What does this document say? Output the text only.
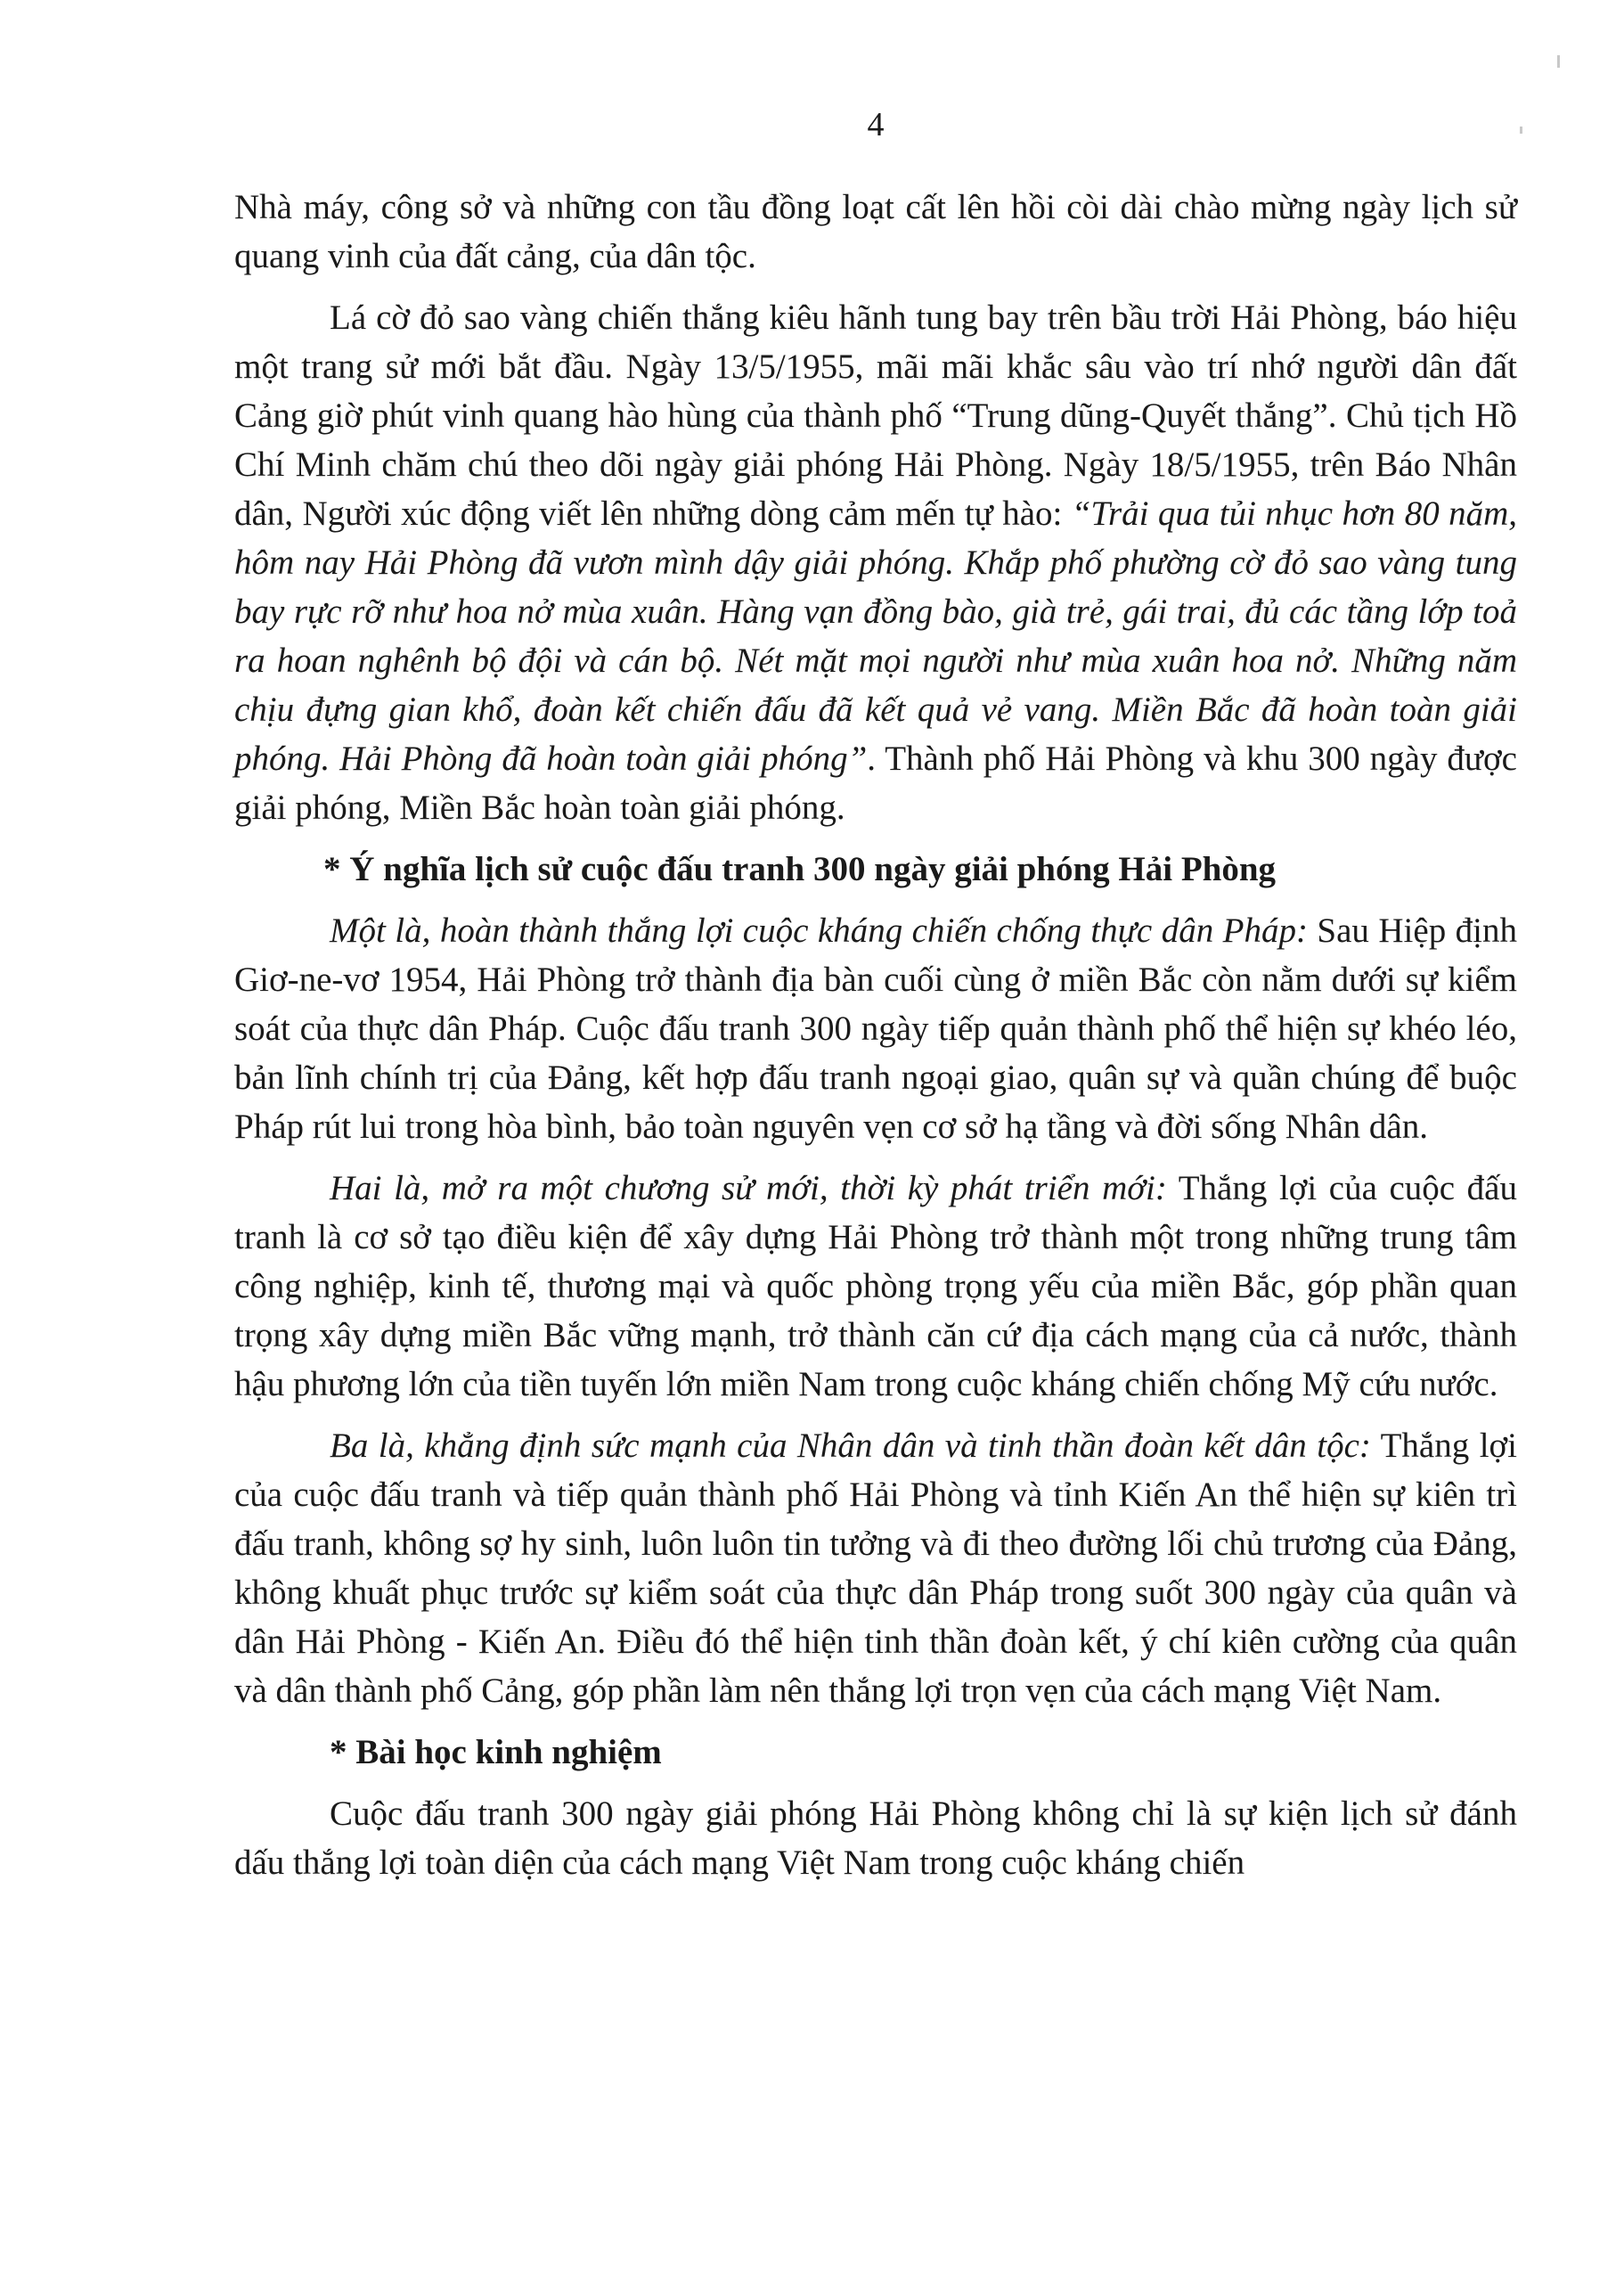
4

Nhà máy, công sở và những con tầu đồng loạt cất lên hồi còi dài chào mừng ngày lịch sử quang vinh của đất cảng, của dân tộc.

Lá cờ đỏ sao vàng chiến thắng kiêu hãnh tung bay trên bầu trời Hải Phòng, báo hiệu một trang sử mới bắt đầu. Ngày 13/5/1955, mãi mãi khắc sâu vào trí nhớ người dân đất Cảng giờ phút vinh quang hào hùng của thành phố “Trung dũng-Quyết thắng”. Chủ tịch Hồ Chí Minh chăm chú theo dõi ngày giải phóng Hải Phòng. Ngày 18/5/1955, trên Báo Nhân dân, Người xúc động viết lên những dòng cảm mến tự hào: “Trải qua tủi nhục hơn 80 năm, hôm nay Hải Phòng đã vươn mình dậy giải phóng. Khắp phố phường cờ đỏ sao vàng tung bay rực rỡ như hoa nở mùa xuân. Hàng vạn đồng bào, già trẻ, gái trai, đủ các tầng lớp toả ra hoan nghênh bộ đội và cán bộ. Nét mặt mọi người như mùa xuân hoa nở. Những năm chịu đựng gian khổ, đoàn kết chiến đấu đã kết quả vẻ vang. Miền Bắc đã hoàn toàn giải phóng. Hải Phòng đã hoàn toàn giải phóng”. Thành phố Hải Phòng và khu 300 ngày được giải phóng, Miền Bắc hoàn toàn giải phóng.

* Ý nghĩa lịch sử cuộc đấu tranh 300 ngày giải phóng Hải Phòng

Một là, hoàn thành thắng lợi cuộc kháng chiến chống thực dân Pháp: Sau Hiệp định Giơ-ne-vơ 1954, Hải Phòng trở thành địa bàn cuối cùng ở miền Bắc còn nằm dưới sự kiểm soát của thực dân Pháp. Cuộc đấu tranh 300 ngày tiếp quản thành phố thể hiện sự khéo léo, bản lĩnh chính trị của Đảng, kết hợp đấu tranh ngoại giao, quân sự và quần chúng để buộc Pháp rút lui trong hòa bình, bảo toàn nguyên vẹn cơ sở hạ tầng và đời sống Nhân dân.

Hai là, mở ra một chương sử mới, thời kỳ phát triển mới: Thắng lợi của cuộc đấu tranh là cơ sở tạo điều kiện để xây dựng Hải Phòng trở thành một trong những trung tâm công nghiệp, kinh tế, thương mại và quốc phòng trọng yếu của miền Bắc, góp phần quan trọng xây dựng miền Bắc vững mạnh, trở thành căn cứ địa cách mạng của cả nước, thành hậu phương lớn của tiền tuyến lớn miền Nam trong cuộc kháng chiến chống Mỹ cứu nước.

Ba là, khẳng định sức mạnh của Nhân dân và tinh thần đoàn kết dân tộc: Thắng lợi của cuộc đấu tranh và tiếp quản thành phố Hải Phòng và tỉnh Kiến An thể hiện sự kiên trì đấu tranh, không sợ hy sinh, luôn luôn tin tưởng và đi theo đường lối chủ trương của Đảng, không khuất phục trước sự kiểm soát của thực dân Pháp trong suốt 300 ngày của quân và dân Hải Phòng - Kiến An. Điều đó thể hiện tinh thần đoàn kết, ý chí kiên cường của quân và dân thành phố Cảng, góp phần làm nên thắng lợi trọn vẹn của cách mạng Việt Nam.

* Bài học kinh nghiệm

Cuộc đấu tranh 300 ngày giải phóng Hải Phòng không chỉ là sự kiện lịch sử đánh dấu thắng lợi toàn diện của cách mạng Việt Nam trong cuộc kháng chiến
